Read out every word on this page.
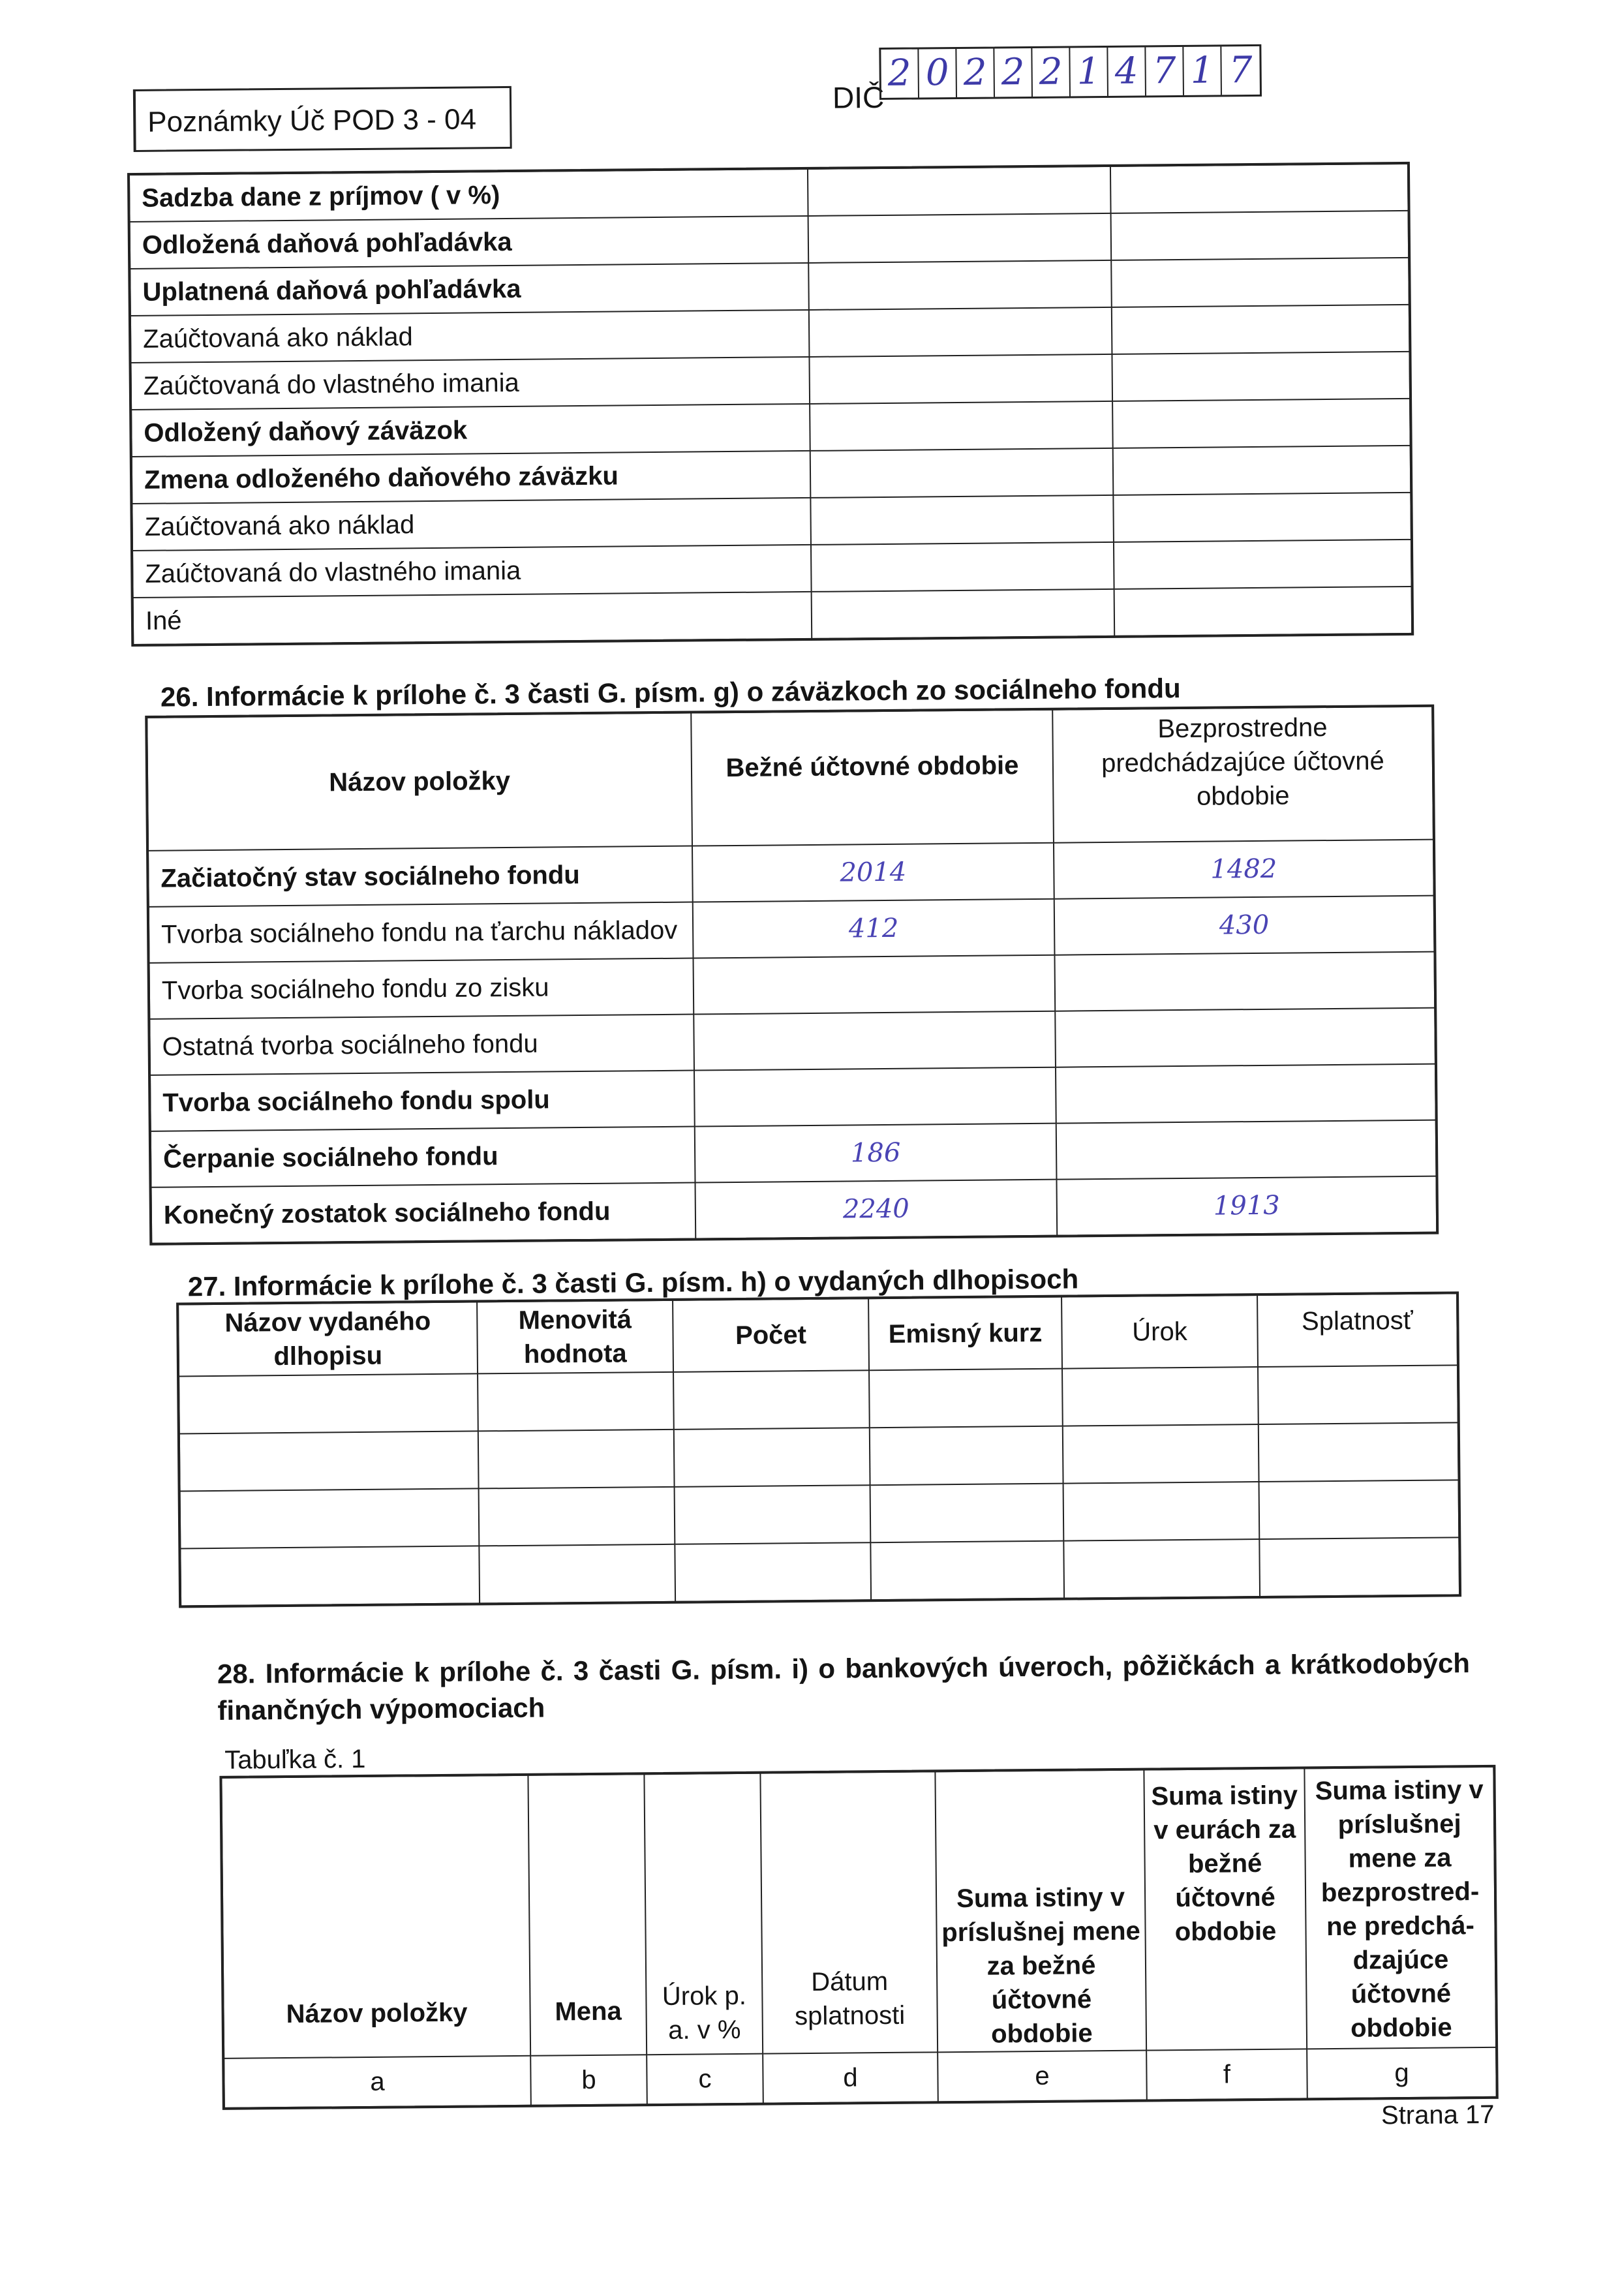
Poznámky Úč POD 3 - 04
DIČ
2 0 2 2 2 1 4 7 1 7
Sadzba dane z príjmov ( v %)		
Odložená daňová pohľadávka		
Uplatnená daňová pohľadávka		
Zaúčtovaná ako náklad		
Zaúčtovaná do vlastného imania		
Odložený daňový záväzok		
Zmena odloženého daňového záväzku		
Zaúčtovaná ako náklad		
Zaúčtovaná do vlastného imania		
Iné		
26. Informácie k prílohe č. 3 časti G. písm. g) o záväzkoch zo sociálneho fondu
Názov položky	Bežné účtovné obdobie	Bezprostredne predchádzajúce účtovné obdobie
Začiatočný stav sociálneho fondu	2014	1482
Tvorba sociálneho fondu na ťarchu nákladov	412	430
Tvorba sociálneho fondu zo zisku		
Ostatná tvorba sociálneho fondu		
Tvorba sociálneho fondu spolu		
Čerpanie sociálneho fondu	186	
Konečný zostatok sociálneho fondu	2240	1913
27. Informácie k prílohe č. 3 časti G. písm. h) o vydaných dlhopisoch
Názov vydaného dlhopisu	Menovitá hodnota	Počet	Emisný kurz	Úrok	Splatnosť

28. Informácie k prílohe č. 3 časti G. písm. i) o bankových úveroch, pôžičkách a krátkodobých finančných výpomociach
Tabuľka č. 1
Názov položky	Mena	Úrok p. a. v %	Dátum splatnosti	Suma istiny v príslušnej mene za bežné účtovné obdobie	Suma istiny v eurách za bežné účtovné obdobie	Suma istiny v príslušnej mene za bezprostred-ne predchá-dzajúce účtovné obdobie
a	b	c	d	e	f	g
Strana 17
